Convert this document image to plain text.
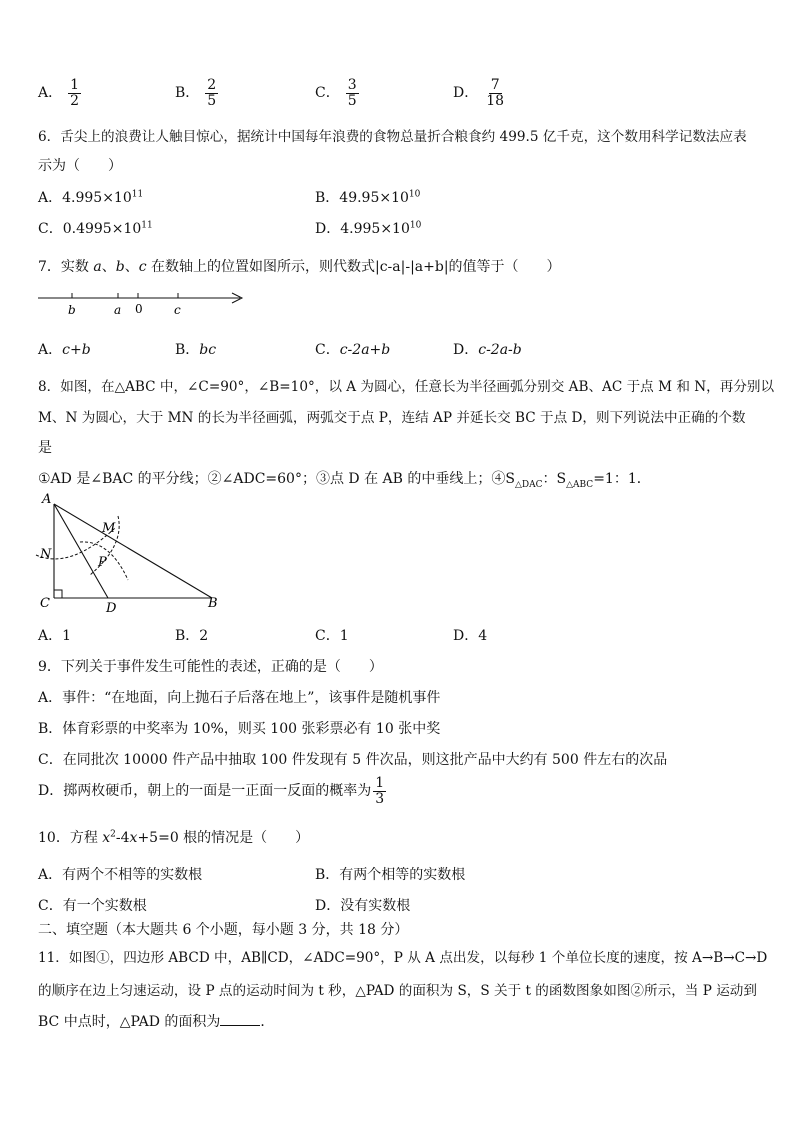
A． $\frac{1}{2}$	B． $\frac{2}{5}$	C． $\frac{3}{5}$	D． $\frac{7}{18}$
6．舌尖上的浪费让人触目惊心，据统计中国每年浪费的食物总量折合粮食约 499.5 亿千克，这个数用科学记数法应表
示为（　　）
A．$4.995\times 10^{11}$	B．$49.95\times 10^{10}$
C．$0.4995\times 10^{11}$	D．$4.995\times 10^{10}$
7．实数 a、b、c 在数轴上的位置如图所示，则代数式|c-a|-|a+b|的值等于（　　）
b	a 0	c
A．c+b	B．bc	C．c-2a+b	D．c-2a-b
8．如图，在△ABC 中，∠C=90°，∠B=10°，以 A 为圆心，任意长为半径画弧分别交 AB、AC 于点 M 和 N，再分别以
M、N 为圆心，大于 MN 的长为半径画弧，两弧交于点 P，连结 AP 并延长交 BC 于点 D，则下列说法中正确的个数
是
①AD 是∠BAC 的平分线；②∠ADC=60°；③点 D 在 AB 的中垂线上；$④S_{\triangle DAC}$：$S_{\triangle ABC}=1$：1．
A
M
N
P
C	D	B
A．1	B．2	C．1	D．4
9．下列关于事件发生可能性的表述，正确的是（　　）
A．事件：“在地面，向上抛石子后落在地上”，该事件是随机事件
B．体育彩票的中奖率为 10%，则买 100 张彩票必有 10 张中奖
C．在同批次 10000 件产品中抽取 100 件发现有 5 件次品，则这批产品中大约有 500 件左右的次品
D．掷两枚硬币，朝上的一面是一正面一反面的概率为 $\frac{1}{3}$
10．方程 $x^2-4x+5=0$ 根的情况是（　　）
A．有两个不相等的实数根	B．有两个相等的实数根
C．有一个实数根	D．没有实数根
二、填空题（本大题共 6 个小题，每小题 3 分，共 18 分）
11．如图①，四边形 ABCD 中，AB∥CD，∠ADC=90°，P 从 A 点出发，以每秒 1 个单位长度的速度，按 A→B→C→D
的顺序在边上匀速运动，设 P 点的运动时间为 t 秒，△PAD 的面积为 S，S 关于 t 的函数图象如图②所示，当 P 运动到
BC 中点时，△PAD 的面积为	．
